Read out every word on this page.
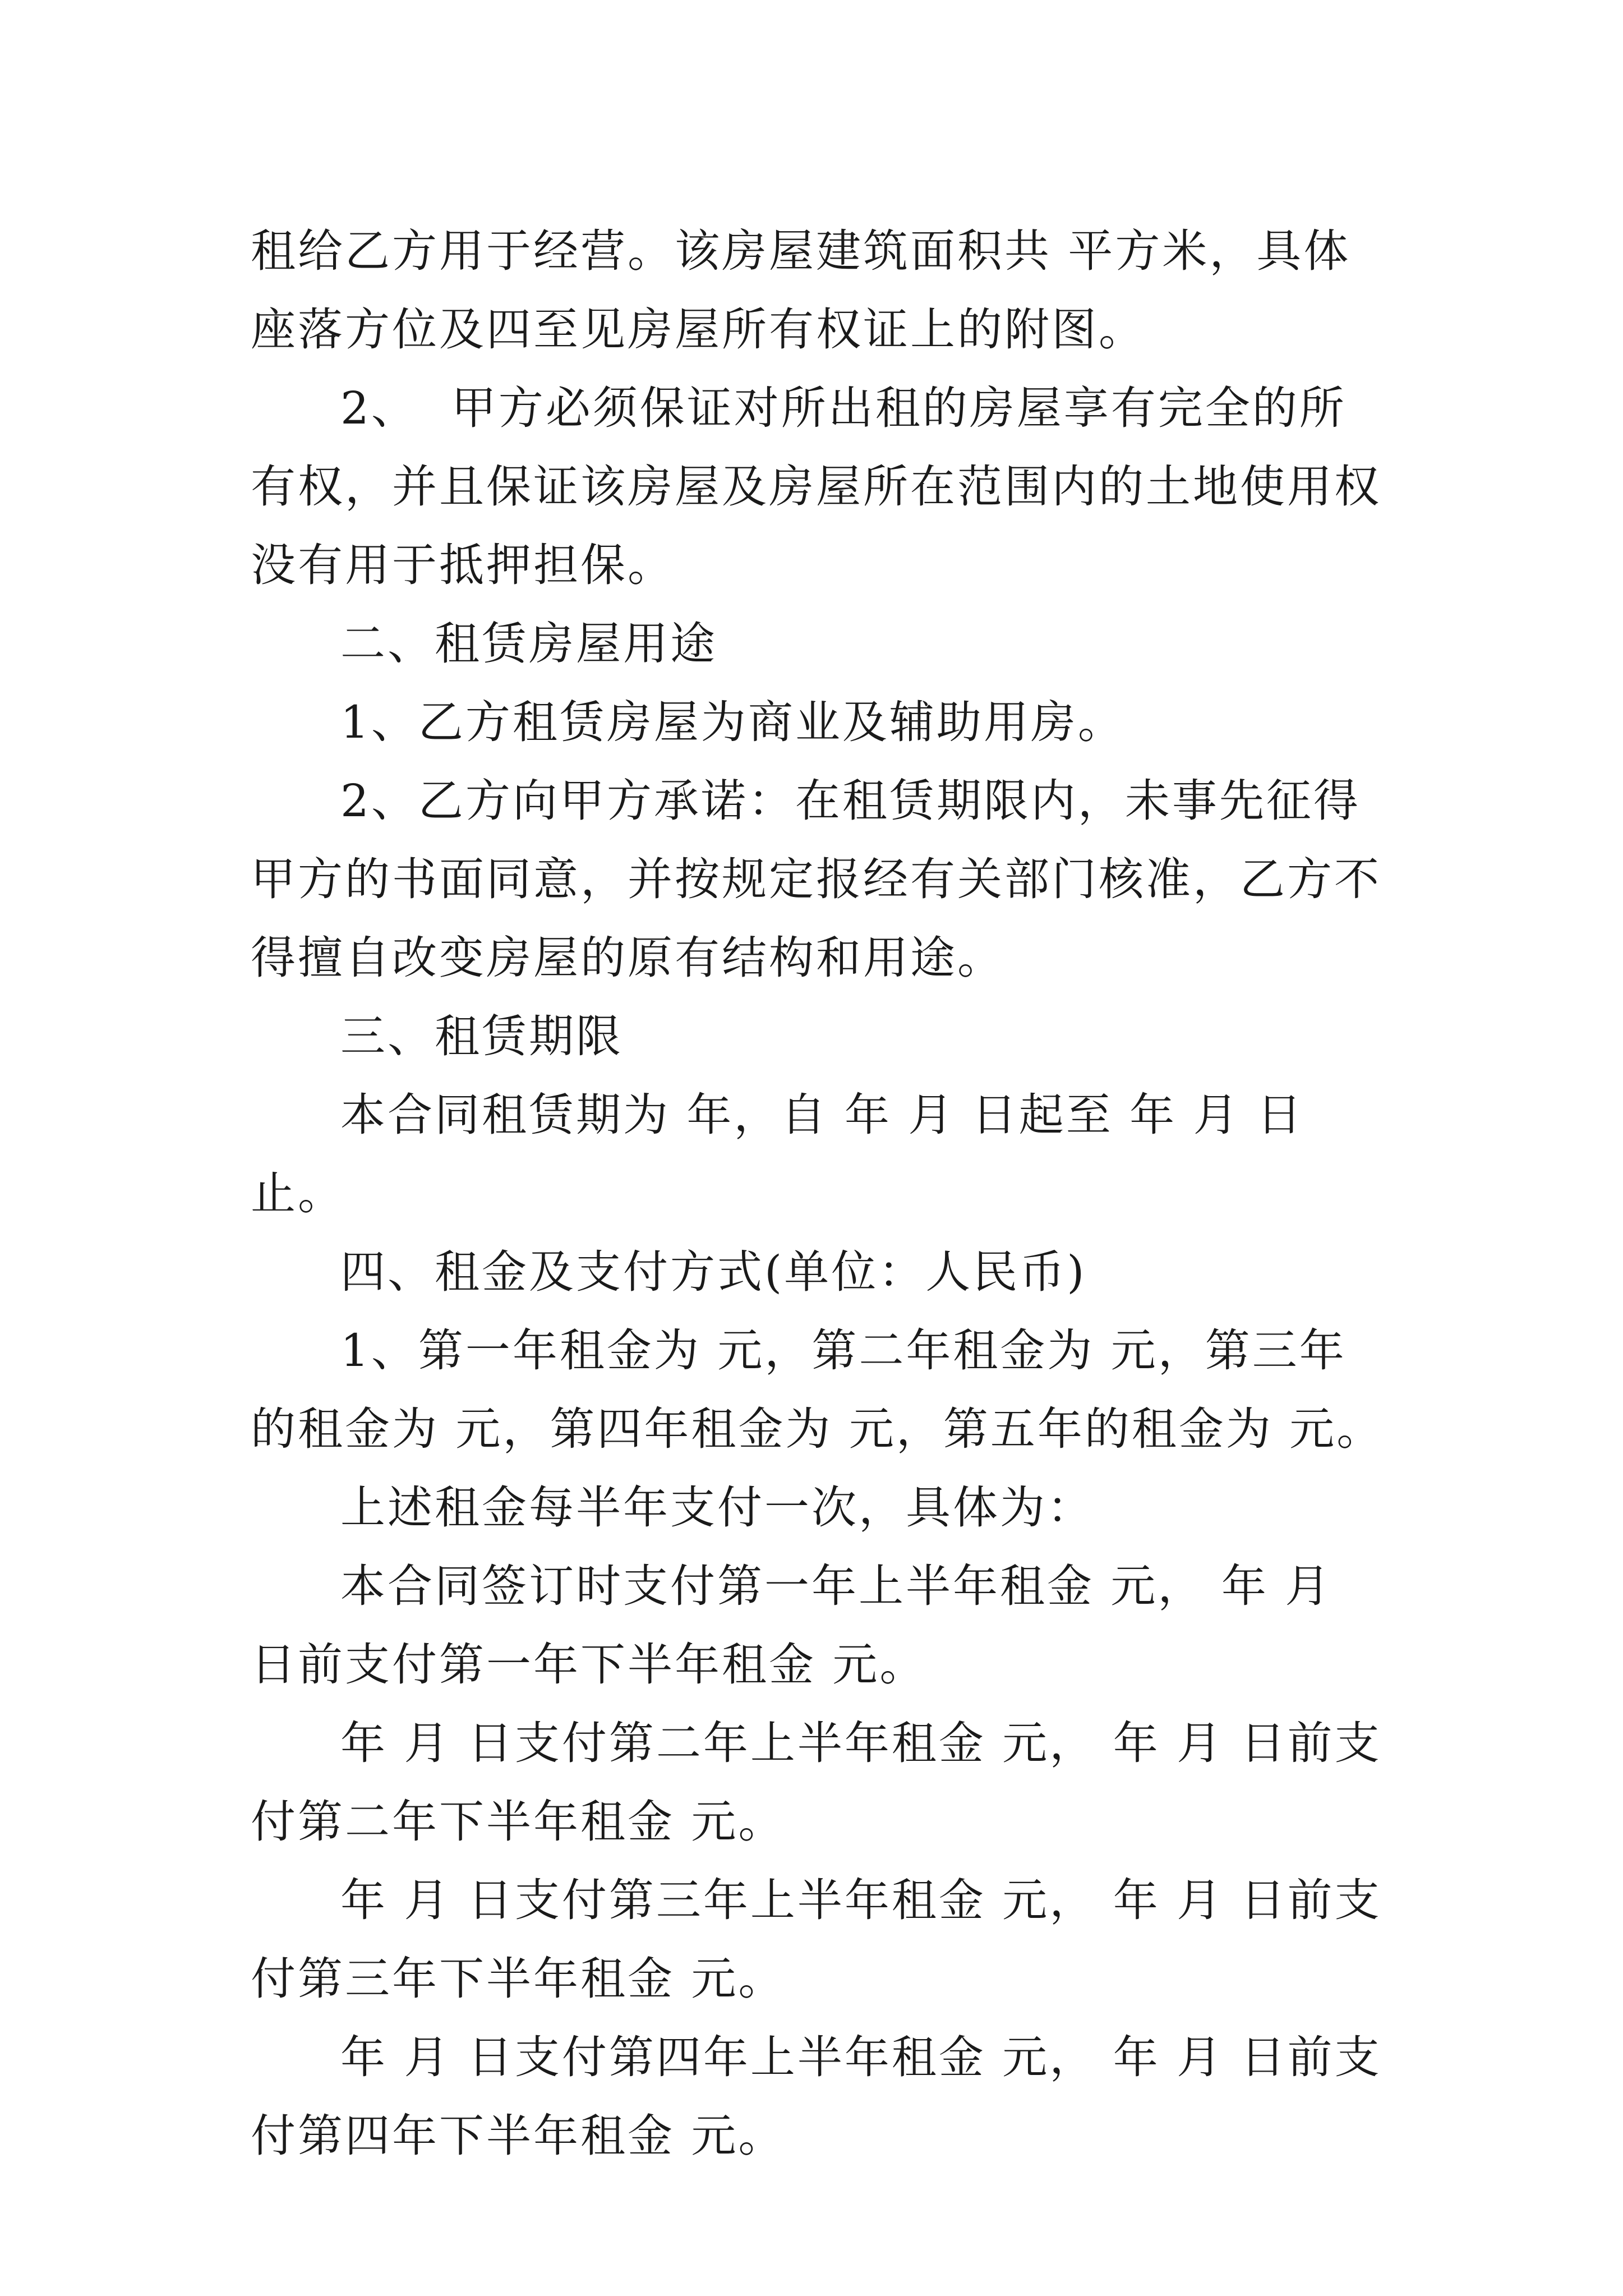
租给乙方用于经营。该房屋建筑面积共 平方米，具体座落方位及四至见房屋所有权证上的附图。

2、  甲方必须保证对所出租的房屋享有完全的所有权，并且保证该房屋及房屋所在范围内的土地使用权没有用于抵押担保。

二、租赁房屋用途

1、乙方租赁房屋为商业及辅助用房。

2、乙方向甲方承诺：在租赁期限内，未事先征得甲方的书面同意，并按规定报经有关部门核准，乙方不得擅自改变房屋的原有结构和用途。

三、租赁期限

本合同租赁期为 年，自 年 月 日起至 年 月 日止。

四、租金及支付方式(单位：人民币)

1、第一年租金为 元，第二年租金为 元，第三年的租金为 元，第四年租金为 元，第五年的租金为 元。

上述租金每半年支付一次，具体为：

本合同签订时支付第一年上半年租金 元， 年 月 日前支付第一年下半年租金 元。

年 月 日支付第二年上半年租金 元， 年 月 日前支付第二年下半年租金 元。

年 月 日支付第三年上半年租金 元， 年 月 日前支付第三年下半年租金 元。

年 月 日支付第四年上半年租金 元， 年 月 日前支付第四年下半年租金 元。
